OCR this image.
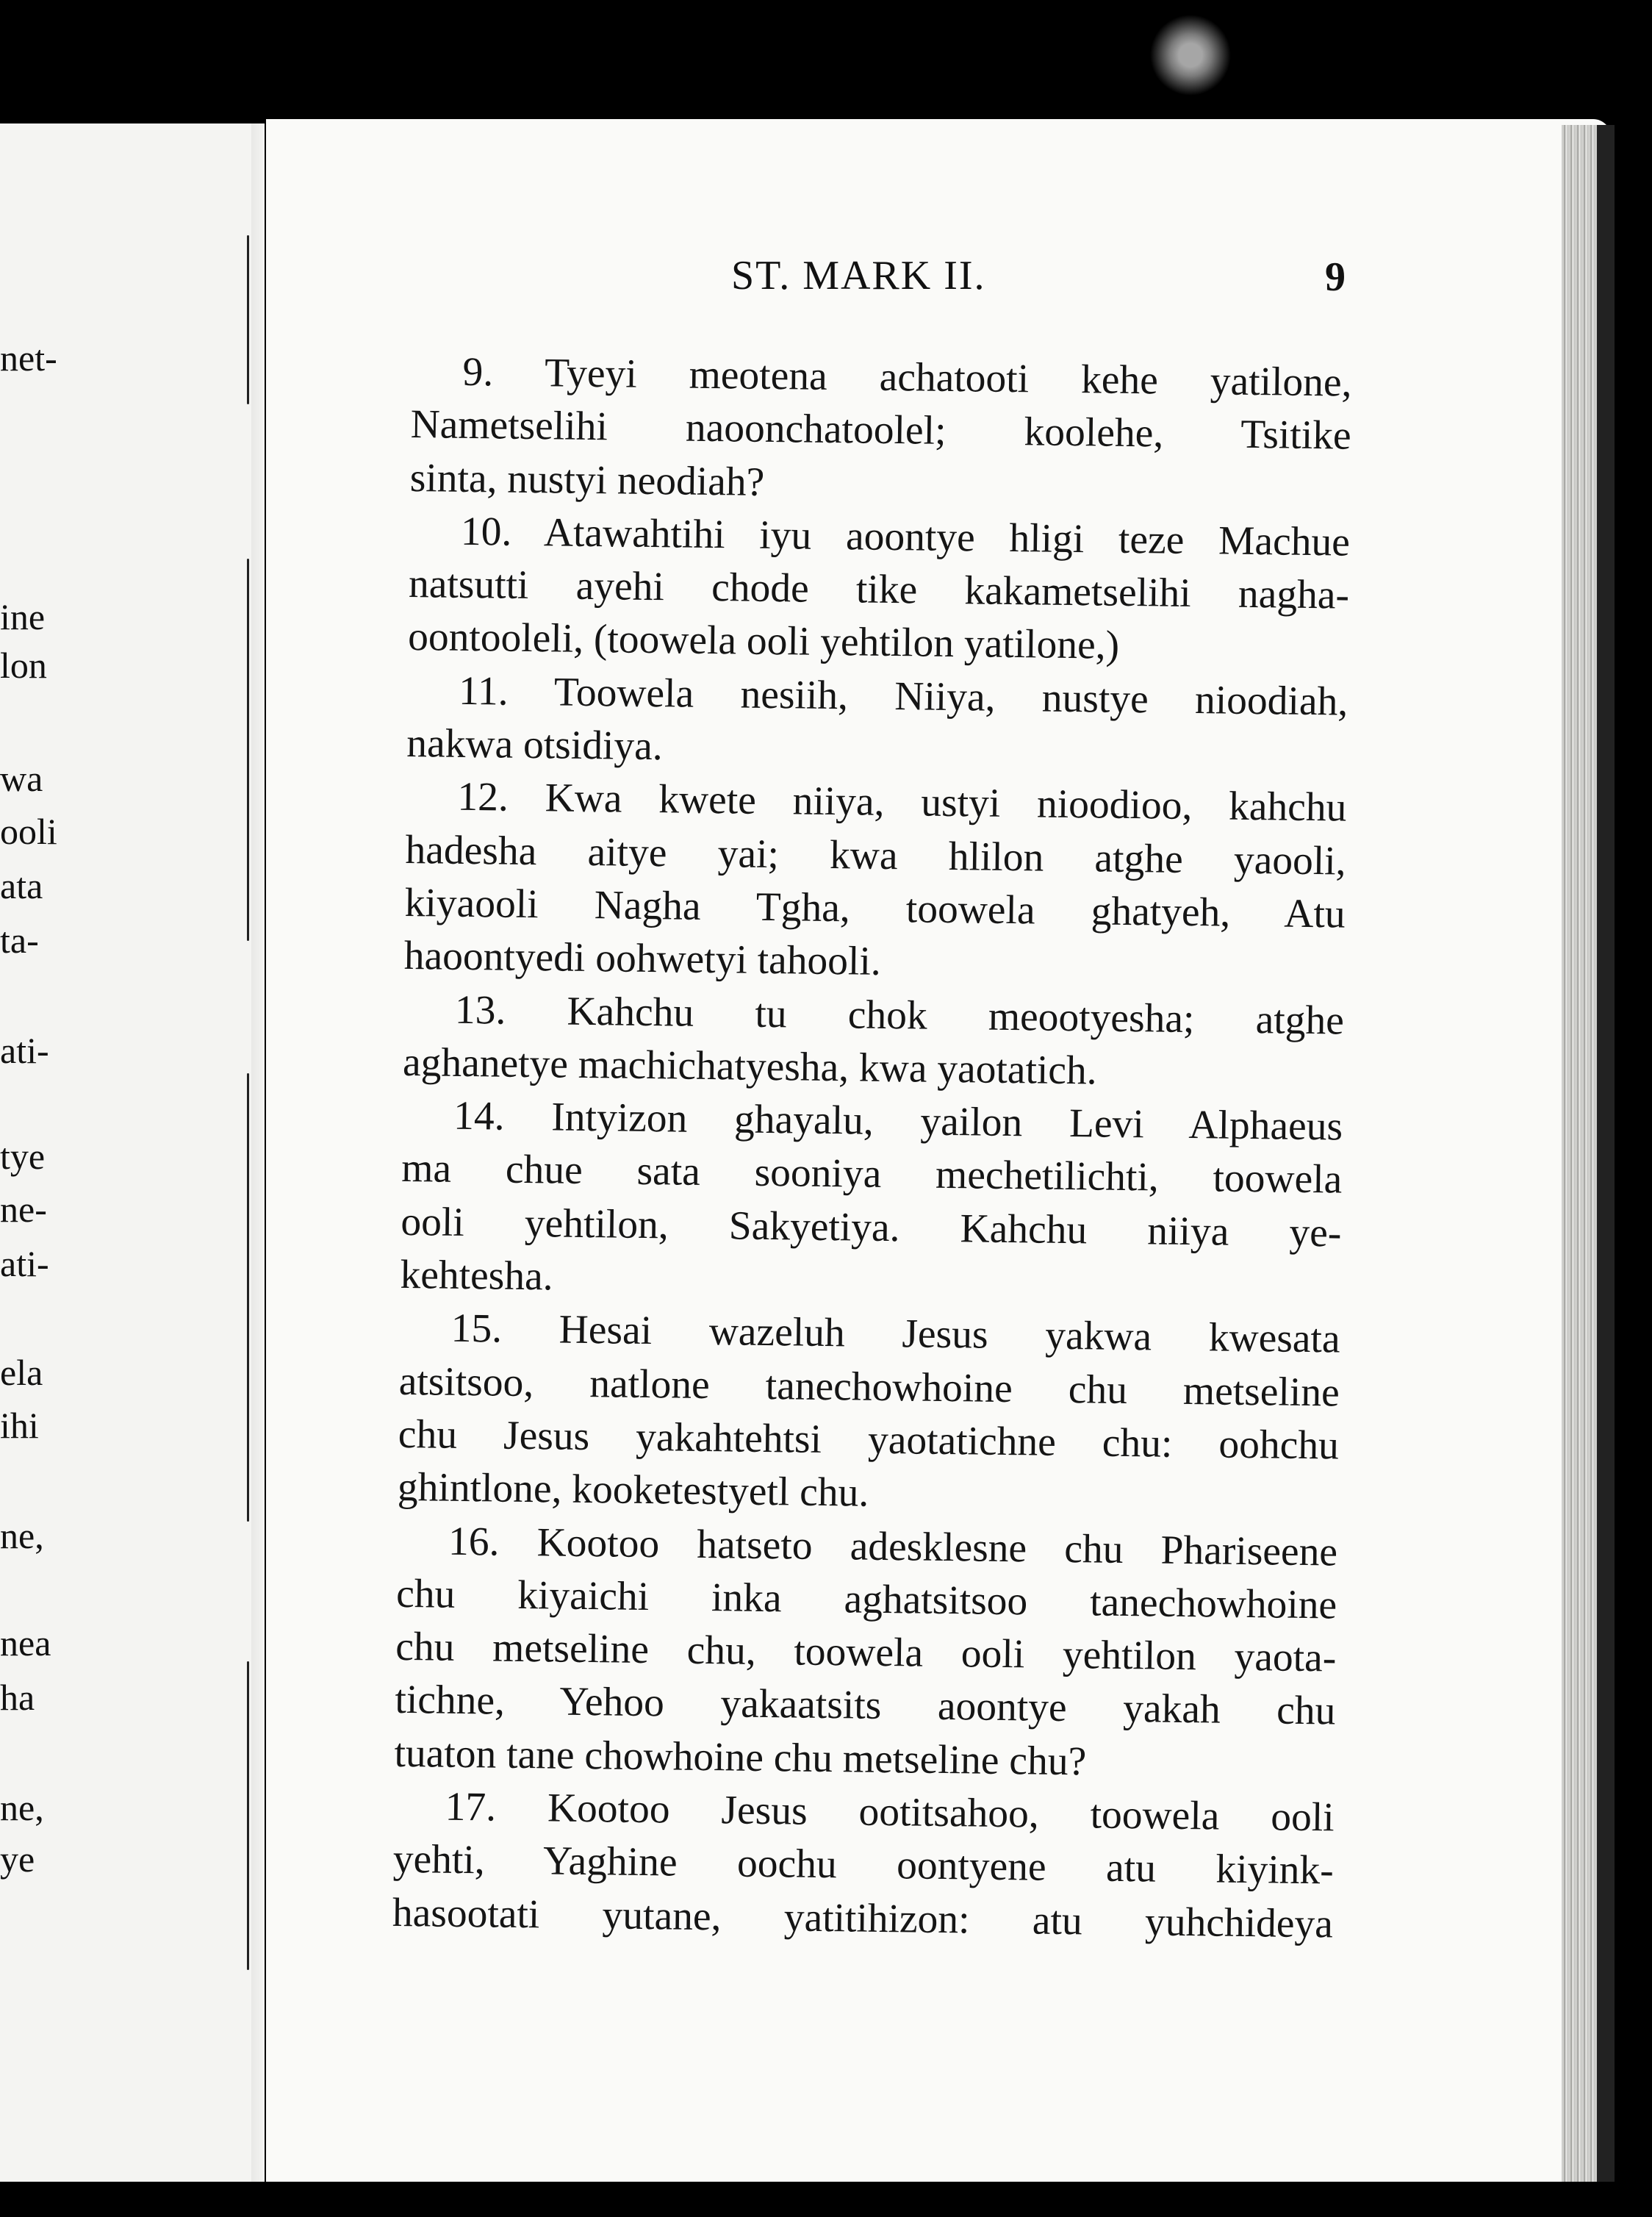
net-
ine
lon
wa
ooli
ata
ta-
ati-
tye
ne-
ati-
ela
ihi
ne,
nea
ha
ne,
ye
ST. MARK II.	9
9. Tyeyi meotena achatooti kehe yatilone,
Nametselihi naoonchatoolel; koolehe, Tsitike
sinta, nustyi neodiah?
10. Atawahtihi iyu aoontye hligi teze Machue
natsutti ayehi chode tike kakametselihi nagha-
oontooleli, (toowela ooli yehtilon yatilone,)
11. Toowela nesiih, Niiya, nustye nioodiah,
nakwa otsidiya.
12. Kwa kwete niiya, ustyi nioodioo, kahchu
hadesha aitye yai; kwa hlilon atghe yaooli,
kiyaooli Nagha Tgha, toowela ghatyeh, Atu
haoontyedi oohwetyi tahooli.
13. Kahchu tu chok meootyesha; atghe
aghanetye machichatyesha, kwa yaotatich.
14. Intyizon ghayalu, yailon Levi Alphaeus
ma chue sata sooniya mechetilichti, toowela
ooli yehtilon, Sakyetiya. Kahchu niiya ye-
kehtesha.
15. Hesai wazeluh Jesus yakwa kwesata
atsitsoo, natlone tanechowhoine chu metseline
chu Jesus yakahtehtsi yaotatichne chu: oohchu
ghintlone, kooketestyetl chu.
16. Kootoo hatseto adesklesne chu Phariseene
chu kiyaichi inka aghatsitsoo tanechowhoine
chu metseline chu, toowela ooli yehtilon yaota-
tichne, Yehoo yakaatsits aoontye yakah chu
tuaton tane chowhoine chu metseline chu?
17. Kootoo Jesus ootitsahoo, toowela ooli
yehti, Yaghine oochu oontyene atu kiyink-
hasootati yutane, yatitihizon: atu yuhchideya
